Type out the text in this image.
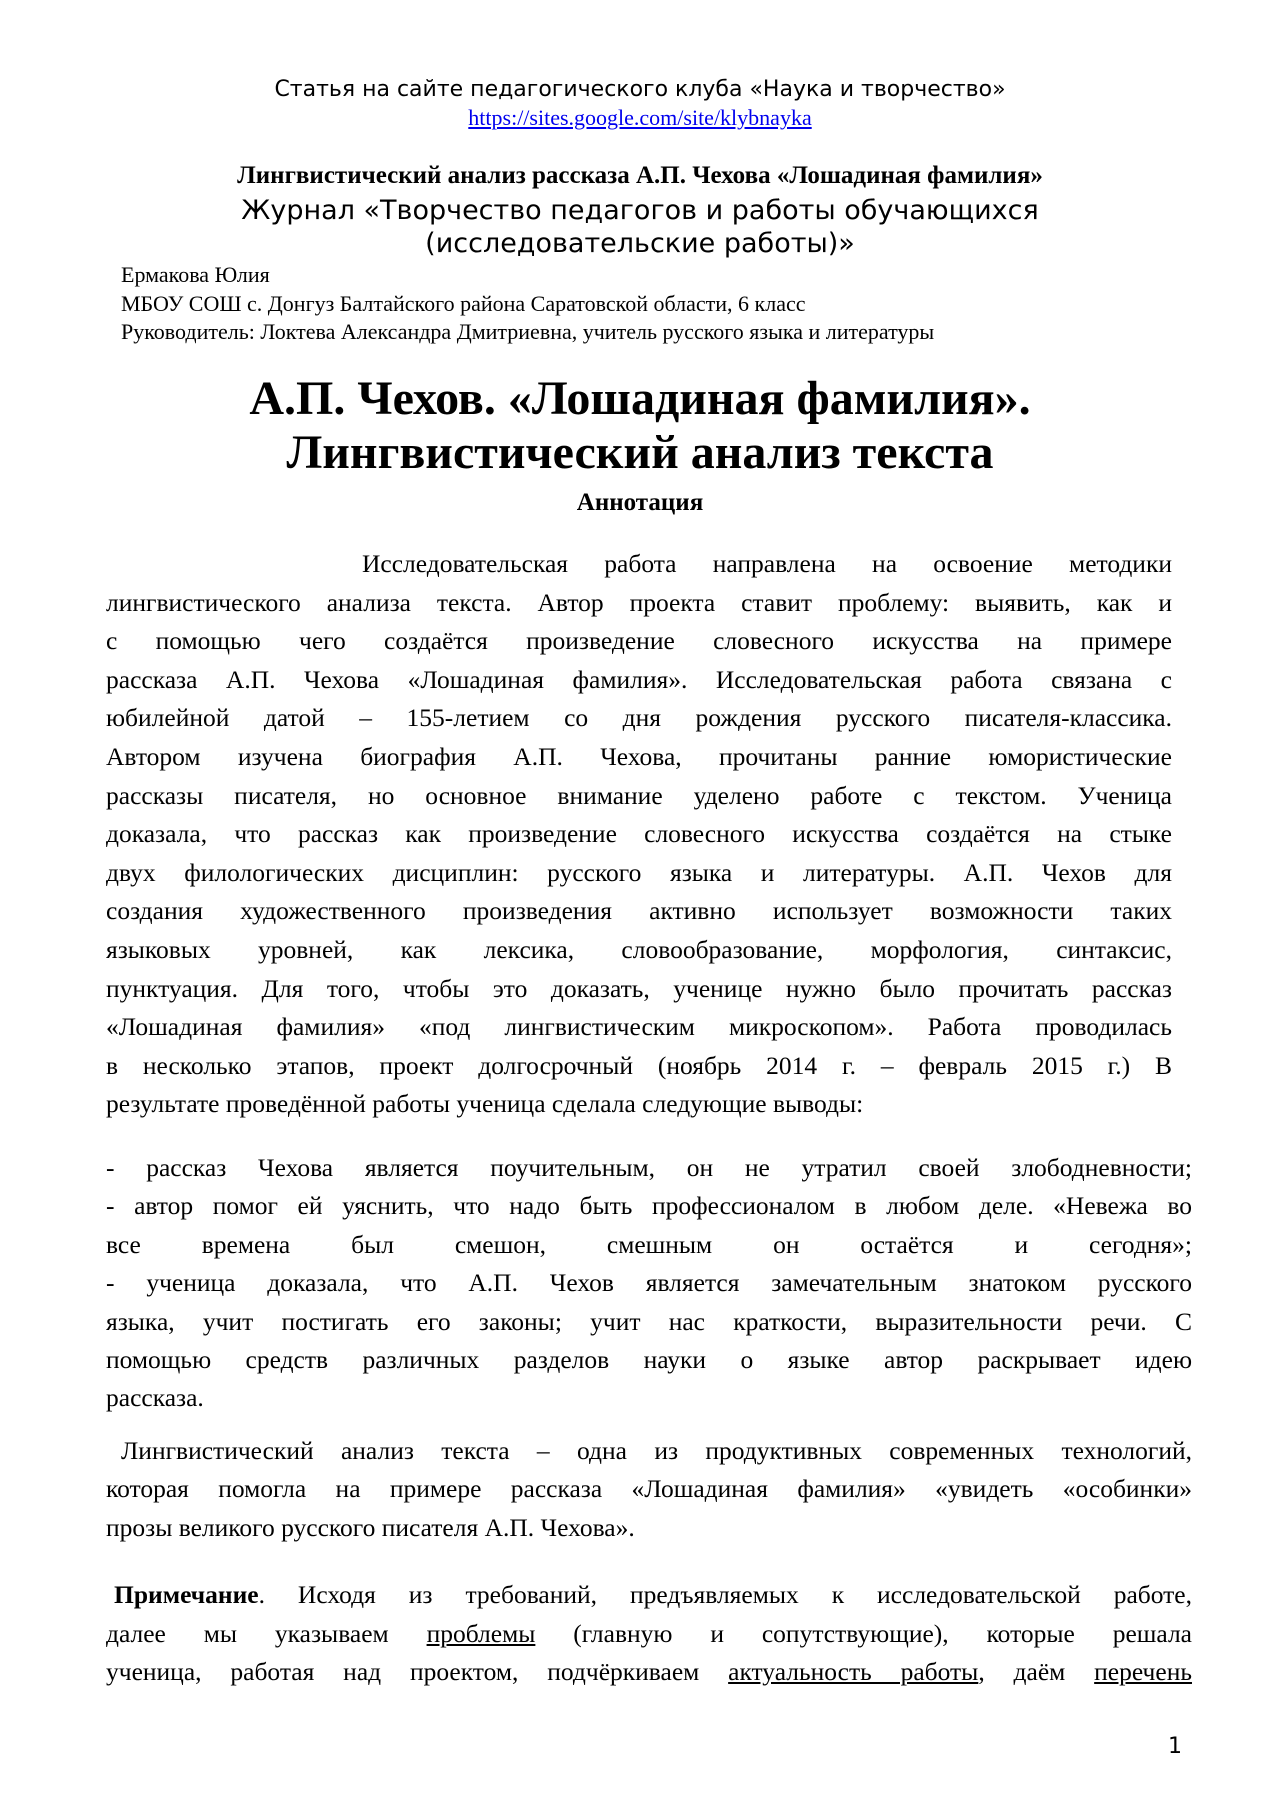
Статья на сайте педагогического клуба «Наука и творчество»
https://sites.google.com/site/klybnayka
Лингвистический анализ рассказа А.П. Чехова «Лошадиная фамилия»
Журнал «Творчество педагогов и работы обучающихся (исследовательские работы)»
Ермакова Юлия
МБОУ СОШ с. Донгуз Балтайского района Саратовской области, 6 класс
Руководитель: Локтева Александра Дмитриевна, учитель русского языка и литературы
А.П. Чехов. «Лошадиная фамилия».
Лингвистический анализ текста
Аннотация
Исследовательская работа направлена на освоение методики
лингвистического анализа текста. Автор проекта ставит проблему: выявить, как и
с помощью чего создаётся произведение словесного искусства на примере
рассказа А.П. Чехова «Лошадиная фамилия». Исследовательская работа связана с
юбилейной датой – 155-летием со дня рождения русского писателя-классика.
Автором изучена биография А.П. Чехова, прочитаны ранние юмористические
рассказы писателя, но основное внимание уделено работе с текстом. Ученица
доказала, что рассказ как произведение словесного искусства создаётся на стыке
двух филологических дисциплин: русского языка и литературы. А.П. Чехов для
создания художественного произведения активно использует возможности таких
языковых уровней, как лексика, словообразование, морфология, синтаксис,
пунктуация. Для того, чтобы это доказать, ученице нужно было прочитать рассказ
«Лошадиная фамилия» «под лингвистическим микроскопом». Работа проводилась
в несколько этапов, проект долгосрочный (ноябрь 2014 г. – февраль 2015 г.) В
результате проведённой работы ученица сделала следующие выводы:
- рассказ Чехова является поучительным, он не утратил своей злободневности;
- автор помог ей уяснить, что надо быть профессионалом в любом деле. «Невежа во
все времена был смешон, смешным он остаётся и сегодня»;
- ученица доказала, что А.П. Чехов является замечательным знатоком русского
языка, учит постигать его законы; учит нас краткости, выразительности речи. С
помощью средств различных разделов науки о языке автор раскрывает идею
рассказа.
Лингвистический анализ текста – одна из продуктивных современных технологий,
которая помогла на примере рассказа «Лошадиная фамилия» «увидеть «особинки»
прозы великого русского писателя А.П. Чехова».
Примечание. Исходя из требований, предъявляемых к исследовательской работе,
далее мы указываем проблемы (главную и сопутствующие), которые решала
ученица, работая над проектом, подчёркиваем актуальность работы, даём перечень
1
